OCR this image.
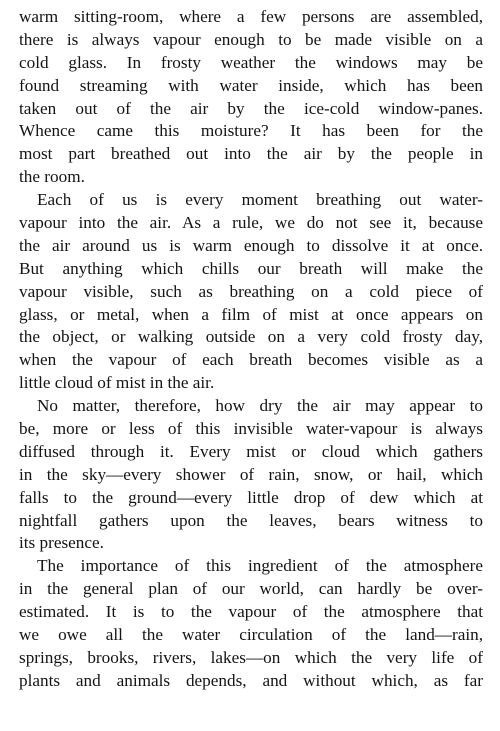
warm sitting-room, where a few persons are assembled,
there is always vapour enough to be made visible on a
cold glass. In frosty weather the windows may be
found streaming with water inside, which has been
taken out of the air by the ice-cold window-panes.
Whence came this moisture? It has been for the
most part breathed out into the air by the people in
the room.
Each of us is every moment breathing out water-
vapour into the air. As a rule, we do not see it, because
the air around us is warm enough to dissolve it at once.
But anything which chills our breath will make the
vapour visible, such as breathing on a cold piece of
glass, or metal, when a film of mist at once appears on
the object, or walking outside on a very cold frosty day,
when the vapour of each breath becomes visible as a
little cloud of mist in the air.
No matter, therefore, how dry the air may appear to
be, more or less of this invisible water-vapour is always
diffused through it. Every mist or cloud which gathers
in the sky—every shower of rain, snow, or hail, which
falls to the ground—every little drop of dew which at
nightfall gathers upon the leaves, bears witness to
its presence.
The importance of this ingredient of the atmosphere
in the general plan of our world, can hardly be over-
estimated. It is to the vapour of the atmosphere that
we owe all the water circulation of the land—rain,
springs, brooks, rivers, lakes—on which the very life of
plants and animals depends, and without which, as far
